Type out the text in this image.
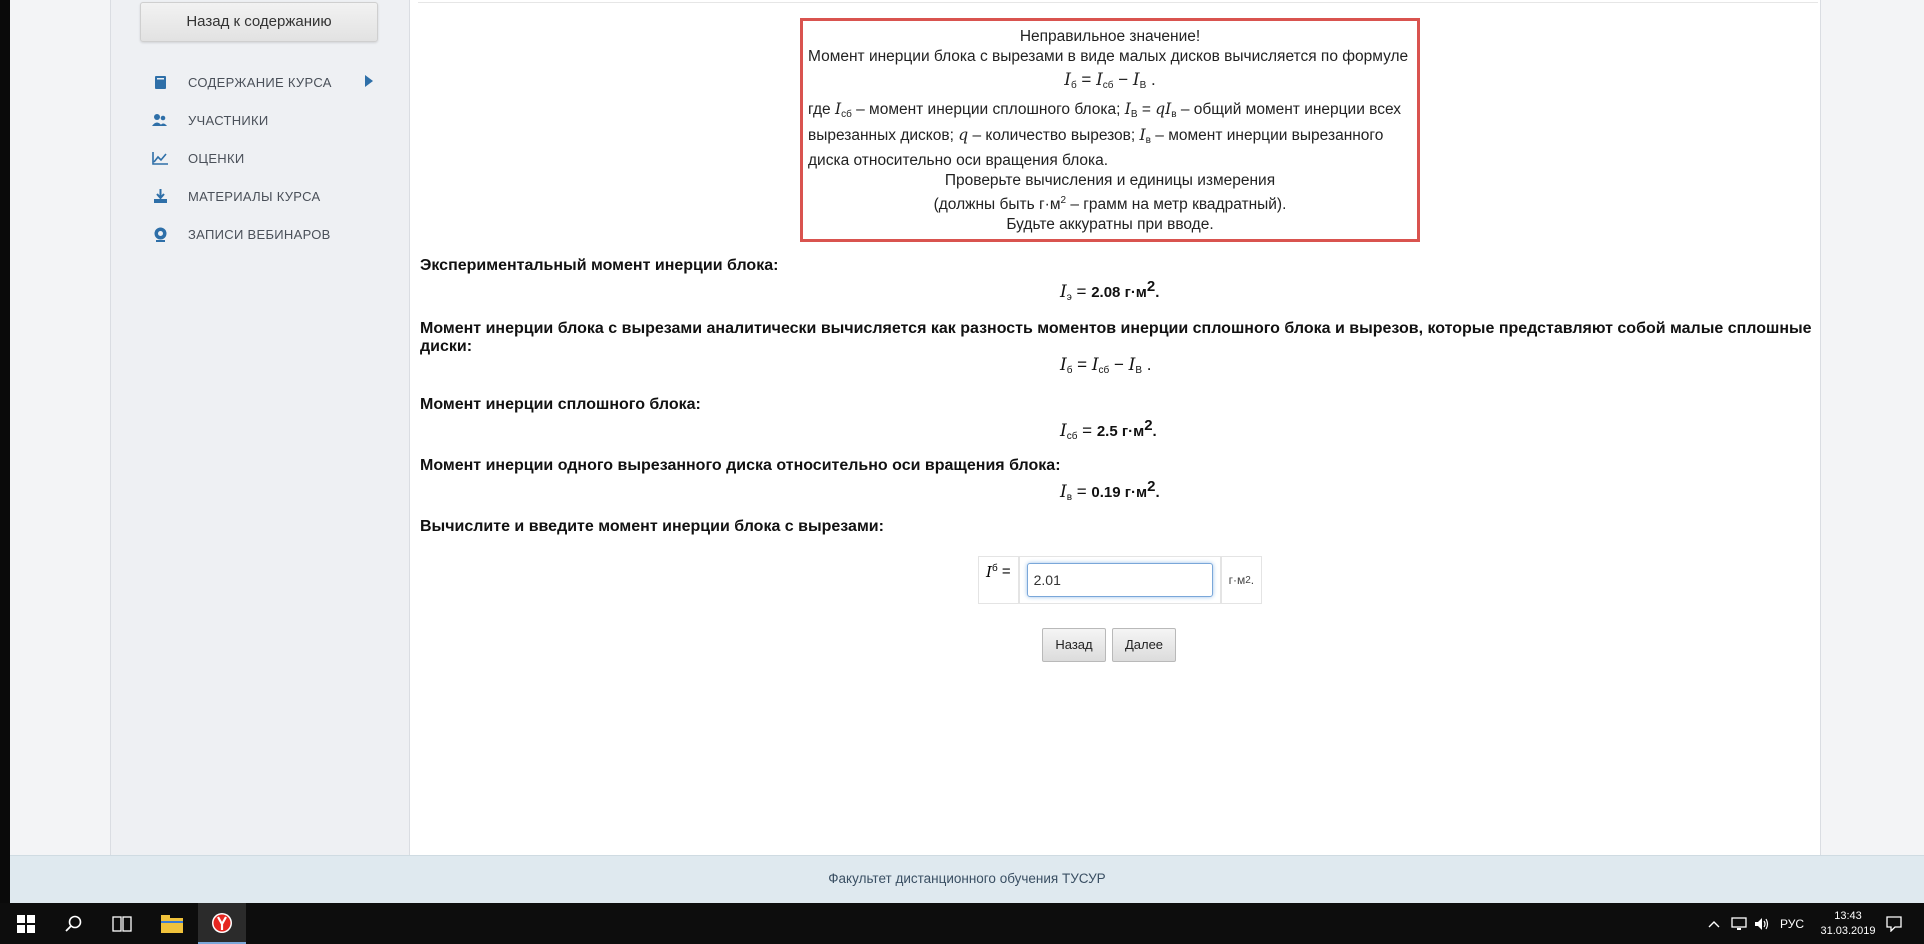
Назад к содержанию
СОДЕРЖАНИЕ КУРСА
УЧАСТНИКИ
ОЦЕНКИ
МАТЕРИАЛЫ КУРСА
ЗАПИСИ ВЕБИНАРОВ
Неправильное значение!
Момент инерции блока с вырезами в виде малых дисков вычисляется по формуле
$I_б = I_{сб} - I_В$ .
где $I_{сб}$ – момент инерции сплошного блока; $I_В = qI_в$ – общий момент инерции всех вырезанных дисков; q – количество вырезов; $I_в$ – момент инерции вырезанного диска относительно оси вращения блока.
Проверьте вычисления и единицы измерения
(должны быть $г\cdot м^2$ – грамм на метр квадратный).
Будьте аккуратны при вводе.
Экспериментальный момент инерции блока:
$I_э = 2.08$ $г\cdot м^2$.
Момент инерции блока с вырезами аналитически вычисляется как разность моментов инерции сплошного блока и вырезов, которые представляют собой малые сплошные диски:
$I_б = I_{сб} - I_В$ .
Момент инерции сплошного блока:
$I_{сб} = 2.5$ $г\cdot м^2$.
Момент инерции одного вырезанного диска относительно оси вращения блока:
$I_в = 0.19$ $г\cdot м^2$.
Вычислите и введите момент инерции блока с вырезами:
I б =
2.01	г·м 2 .
Назад	Далее
Факультет дистанционного обучения ТУСУР
РУС
13:43
31.03.2019
